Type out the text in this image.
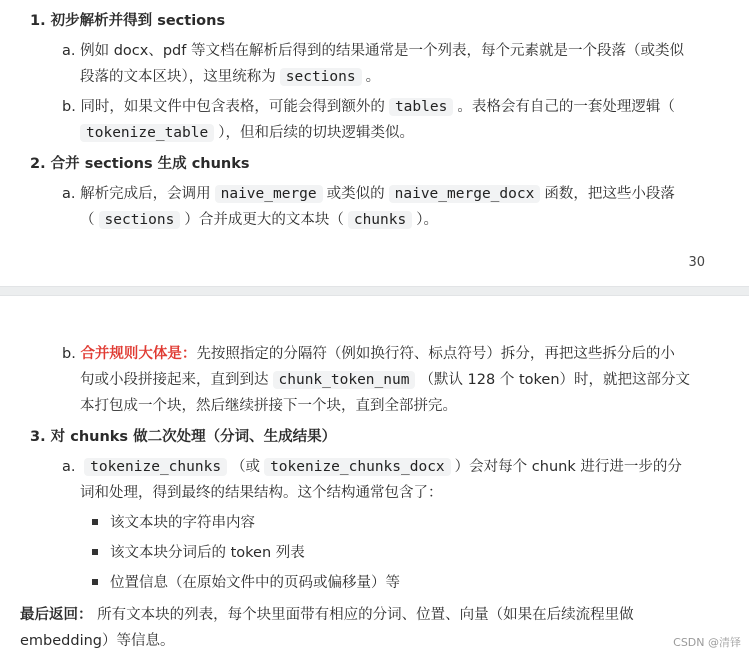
1. 初步解析并得到 sections
a. 例如 docx、pdf 等文档在解析后得到的结果通常是一个列表，每个元素就是一个段落（或类似
段落的文本区块），这里统称为 sections 。
b. 同时，如果文件中包含表格，可能会得到额外的 tables 。表格会有自己的一套处理逻辑（
tokenize_table ），但和后续的切块逻辑类似。
2. 合并 sections 生成 chunks
a. 解析完成后，会调用 naive_merge 或类似的 naive_merge_docx 函数，把这些小段落
（ sections ）合并成更大的文本块（ chunks ）。
30
b. 合并规则大体是：先按照指定的分隔符（例如换行符、标点符号）拆分，再把这些拆分后的小
句或小段拼接起来，直到到达 chunk_token_num （默认 128 个 token）时，就把这部分文
本打包成一个块，然后继续拼接下一个块，直到全部拼完。
3. 对 chunks 做二次处理（分词、生成结果）
a. tokenize_chunks （或 tokenize_chunks_docx ）会对每个 chunk 进行进一步的分
词和处理，得到最终的结果结构。这个结构通常包含了：
该文本块的字符串内容
该文本块分词后的 token 列表
位置信息（在原始文件中的页码或偏移量）等
最后返回： 所有文本块的列表，每个块里面带有相应的分词、位置、向量（如果在后续流程里做
embedding）等信息。	CSDN @清铎
